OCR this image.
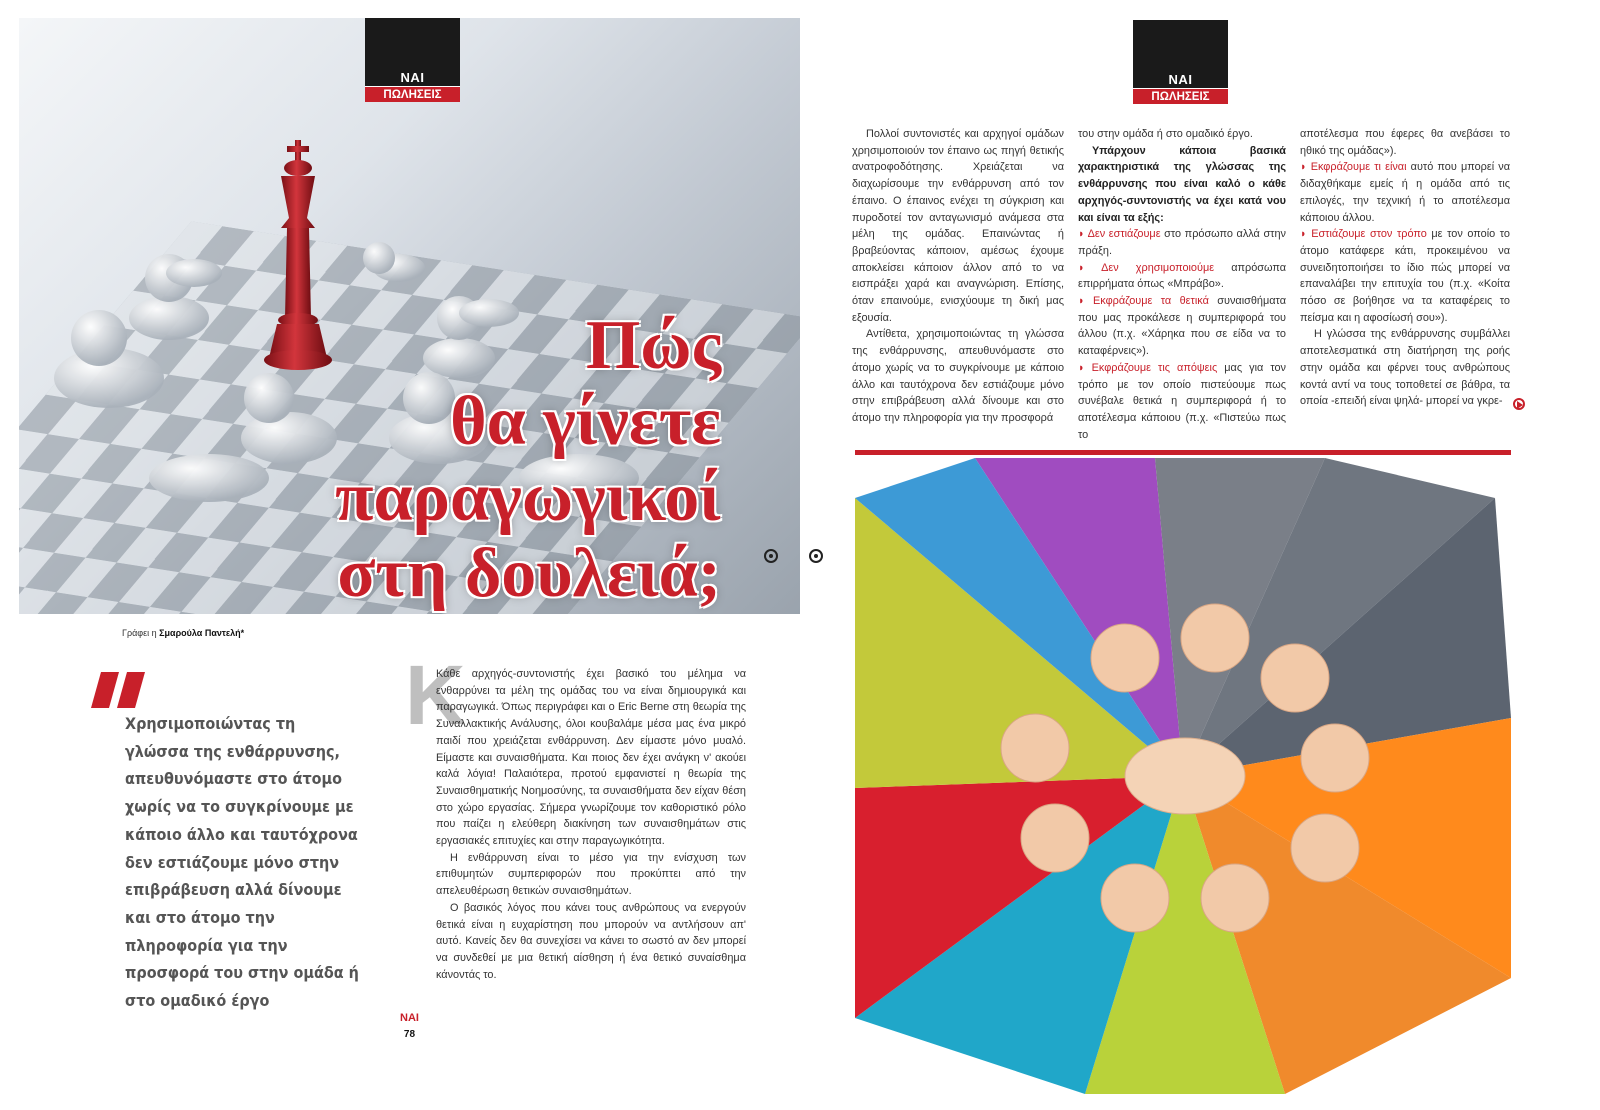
ΝΑΙ
ΠΩΛΗΣΕΙΣ
Πώς
θα γίνετε
παραγωγικοί
στη δουλειά;
Γράφει η Σμαρούλα Παντελή*
Χρησιμοποιώντας τη γλώσσα της ενθάρρυνσης, απευθυνόμαστε στο άτομο χωρίς να το συγκρίνουμε με κάποιο άλλο και ταυτόχρονα δεν εστιάζουμε μόνο στην επιβράβευση αλλά δίνουμε και στο άτομο την πληροφορία για την προσφορά του στην ομάδα ή στο ομαδικό έργο
Κ

Κάθε αρχηγός-συντονιστής έχει βασικό του μέλημα να ενθαρρύνει τα μέλη της ομάδας του να είναι δημιουργικά και παραγωγικά. Όπως περιγράφει και ο Eric Berne στη θεωρία της Συναλλακτικής Ανάλυσης, όλοι κουβαλάμε μέσα μας ένα μικρό παιδί που χρειάζεται ενθάρρυνση. Δεν είμαστε μόνο μυαλό. Είμαστε και συναισθήματα. Και ποιος δεν έχει ανάγκη ν' ακούει καλά λόγια! Παλαιότερα, προτού εμφανιστεί η θεωρία της Συναισθηματικής Νοημοσύνης, τα συναισθήματα δεν είχαν θέση στο χώρο εργασίας. Σήμερα γνωρίζουμε τον καθοριστικό ρόλο που παίζει η ελεύθερη διακίνηση των συναισθημάτων στις εργασιακές επιτυχίες και στην παραγωγικότητα.

Η ενθάρρυνση είναι το μέσο για την ενίσχυση των επιθυμητών συμπεριφορών που προκύπτει από την απελευθέρωση θετικών συναισθημάτων.

Ο βασικός λόγος που κάνει τους ανθρώπους να ενεργούν θετικά είναι η ευχαρίστηση που μπορούν να αντλήσουν απ' αυτό. Κανείς δεν θα συνεχίσει να κάνει το σωστό αν δεν μπορεί να συνδεθεί με μια θετική αίσθηση ή ένα θετικό συναίσθημα κάνοντάς το.

ΝΑΙ
78
ΝΑΙ
ΠΩΛΗΣΕΙΣ

Πολλοί συντονιστές και αρχηγοί ομάδων χρησιμοποιούν τον έπαινο ως πηγή θετικής ανατροφοδότησης. Χρειάζεται να διαχωρίσουμε την ενθάρρυνση από τον έπαινο. Ο έπαινος ενέχει τη σύγκριση και πυροδοτεί τον ανταγωνισμό ανάμεσα στα μέλη της ομάδας. Επαινώντας ή βραβεύοντας κάποιον, αμέσως έχουμε αποκλείσει κάποιον άλλον από το να εισπράξει χαρά και αναγνώριση. Επίσης, όταν επαινούμε, ενισχύουμε τη δική μας εξουσία.

Αντίθετα, χρησιμοποιώντας τη γλώσσα της ενθάρρυνσης, απευθυνόμαστε στο άτομο χωρίς να το συγκρίνουμε με κάποιο άλλο και ταυτόχρονα δεν εστιάζουμε μόνο στην επιβράβευση αλλά δίνουμε και στο άτομο την πληροφορία για την προσφορά

του στην ομάδα ή στο ομαδικό έργο.

Υπάρχουν κάποια βασικά χαρακτηριστικά της γλώσσας της ενθάρρυνσης που είναι καλό ο κάθε αρχηγός-συντονιστής να έχει κατά νου και είναι τα εξής:

◗ Δεν εστιάζουμε στο πρόσωπο αλλά στην πράξη.

◗ Δεν χρησιμοποιούμε απρόσωπα επιρρήματα όπως «Μπράβο».

◗ Εκφράζουμε τα θετικά συναισθήματα που μας προκάλεσε η συμπεριφορά του άλλου (π.χ. «Χάρηκα που σε είδα να το καταφέρνεις»).

◗ Εκφράζουμε τις απόψεις μας για τον τρόπο με τον οποίο πιστεύουμε πως συνέβαλε θετικά η συμπεριφορά ή το αποτέλεσμα κάποιου (π.χ. «Πιστεύω πως το

αποτέλεσμα που έφερες θα ανεβάσει το ηθικό της ομάδας»).

◗ Εκφράζουμε τι είναι αυτό που μπορεί να διδαχθήκαμε εμείς ή η ομάδα από τις επιλογές, την τεχνική ή το αποτέλεσμα κάποιου άλλου.

◗ Εστιάζουμε στον τρόπο με τον οποίο το άτομο κατάφερε κάτι, προκειμένου να συνειδητοποιήσει το ίδιο πώς μπορεί να επαναλάβει την επιτυχία του (π.χ. «Κοίτα πόσο σε βοήθησε να τα καταφέρεις το πείσμα και η αφοσίωσή σου»).

Η γλώσσα της ενθάρρυνσης συμβάλλει αποτελεσματικά στη διατήρηση της ροής στην ομάδα και φέρνει τους ανθρώπους κοντά αντί να τους τοποθετεί σε βάθρα, τα οποία -επειδή είναι ψηλά- μπορεί να γκρε-
